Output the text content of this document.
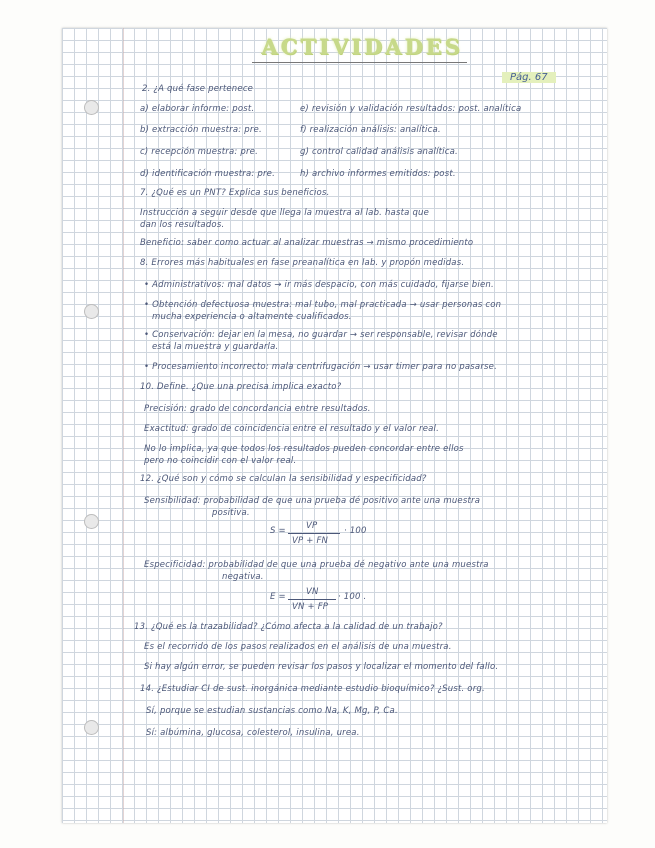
ACTIVIDADES
Pág. 67
2. ¿A qué fase pertenece
a) elaborar informe: post.	e) revisión y validación resultados: post. analítica
b) extracción muestra: pre.	f) realización análisis: analítica.
c) recepción muestra: pre.	g) control calidad análisis analítica.
d) identificación muestra: pre.	h) archivo informes emitidos: post.
7. ¿Qué es un PNT? Explica sus beneficios.
Instrucción a seguir desde que llega la muestra al lab. hasta que
dan los resultados.
Beneficio: saber como actuar al analizar muestras → mismo procedimiento
8. Errores más habituales en fase preanalítica en lab. y propón medidas.
• Administrativos: mal datos → ir más despacio, con más cuidado, fijarse bien.
• Obtención defectuosa muestra: mal tubo, mal practicada → usar personas con
mucha experiencia o altamente cualificados.
• Conservación: dejar en la mesa, no guardar → ser responsable, revisar dónde
está la muestra y guardarla.
• Procesamiento incorrecto: mala centrifugación → usar timer para no pasarse.
10. Define. ¿Que una precisa implica exacto?
Precisión: grado de concordancia entre resultados.
Exactitud: grado de coincidencia entre el resultado y el valor real.
No lo implica, ya que todos los resultados pueden concordar entre ellos
pero no coincidir con el valor real.
12. ¿Qué son y cómo se calculan la sensibilidad y especificidad?
Sensibilidad: probabilidad de que una prueba dé positivo ante una muestra
positiva.
S = VP
VP + FN
· 100
Especificidad: probabilidad de que una prueba dé negativo ante una muestra
negativa.
E = VN
VN + FP
· 100 .
13. ¿Qué es la trazabilidad? ¿Cómo afecta a la calidad de un trabajo?
Es el recorrido de los pasos realizados en el análisis de una muestra.
Si hay algún error, se pueden revisar los pasos y localizar el momento del fallo.
14. ¿Estudiar CI de sust. inorgánica mediante estudio bioquímico? ¿Sust. org.
Sí, porque se estudian sustancias como Na, K, Mg, P, Ca.
Sí: albúmina, glucosa, colesterol, insulina, urea.
